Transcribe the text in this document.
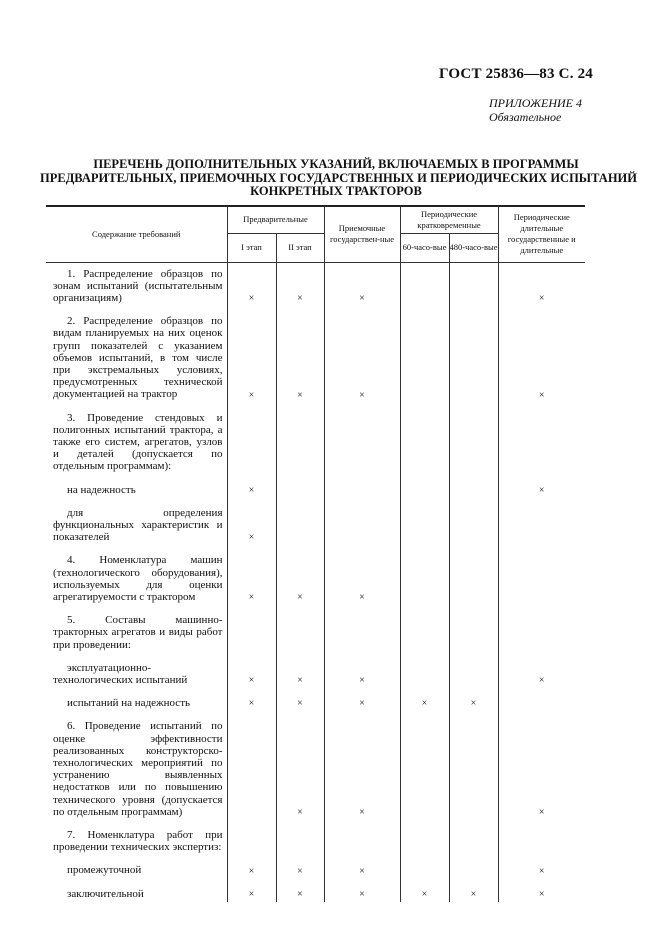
ГОСТ 25836—83 С. 24
ПРИЛОЖЕНИЕ 4
Обязательное
ПЕРЕЧЕНЬ ДОПОЛНИТЕЛЬНЫХ УКАЗАНИЙ, ВКЛЮЧАЕМЫХ В ПРОГРАММЫ
ПРЕДВАРИТЕЛЬНЫХ, ПРИЕМОЧНЫХ ГОСУДАРСТВЕННЫХ И ПЕРИОДИЧЕСКИХ ИСПЫТАНИЙ
КОНКРЕТНЫХ ТРАКТОРОВ
Содержание требований	Предварительные		Приемочные государствен-ные	Периодические кратковременные		Периодические длительные государственные и длительные
	I этап	II этап		60-часо-вые	480-часо-вые	

1. Распределение образцов по зонам испытаний (испытательным организациям)	×	×	×			×

2. Распределение образцов по видам планируемых на них оценок групп показателей с указанием объемов испытаний, в том числе при экстремальных условиях, предусмотренных технической документацией на трактор	×	×	×			×

3. Проведение стендовых и полигонных испытаний трактора, а также его систем, агрегатов, узлов и деталей (допускается по отдельным программам):						

на надежность	×					×

для определения функциональных характеристик и показателей	×					

4. Номенклатура машин (технологического оборудования), используемых для оценки агрегатируемости с трактором	×	×	×			

5. Составы машинно-тракторных агрегатов и виды работ при проведении:						

эксплуатационно-технологических испытаний	×	×	×			×

испытаний на надежность	×	×	×	×	×	

6. Проведение испытаний по оценке эффективности реализованных конструкторско-технологических мероприятий по устранению выявленных недостатков или по повышению технического уровня (допускается по отдельным программам)		×	×			×

7. Номенклатура работ при проведении технических экспертиз:						

промежуточной	×	×	×			×

заключительной	×	×	×	×	×	×
